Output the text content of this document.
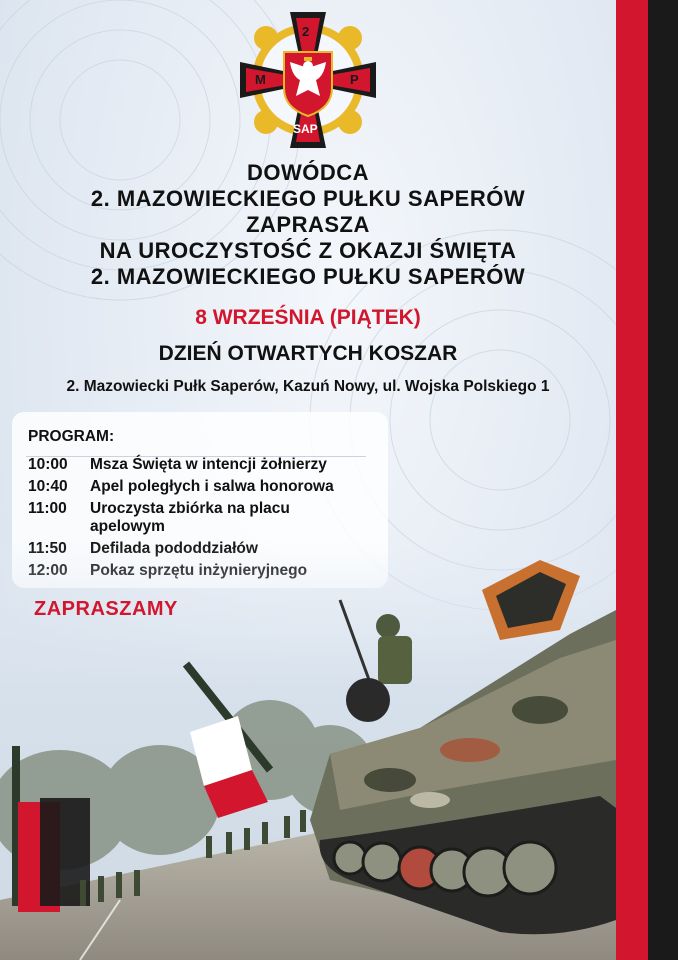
2
M	P
SAP
DOWÓDCA
2. MAZOWIECKIEGO PUŁKU SAPERÓW
ZAPRASZA
NA UROCZYSTOŚĆ Z OKAZJI ŚWIĘTA
2. MAZOWIECKIEGO PUŁKU SAPERÓW
8 WRZEŚNIA (PIĄTEK)
DZIEŃ OTWARTYCH KOSZAR
2. Mazowiecki Pułk Saperów, Kazuń Nowy, ul. Wojska Polskiego 1
PROGRAM:
10:00 Msza Święta w intencji żołnierzy
10:40 Apel poległych i salwa honorowa
11:00 Uroczysta zbiórka na placu apelowym
ZAPRASZAMY
